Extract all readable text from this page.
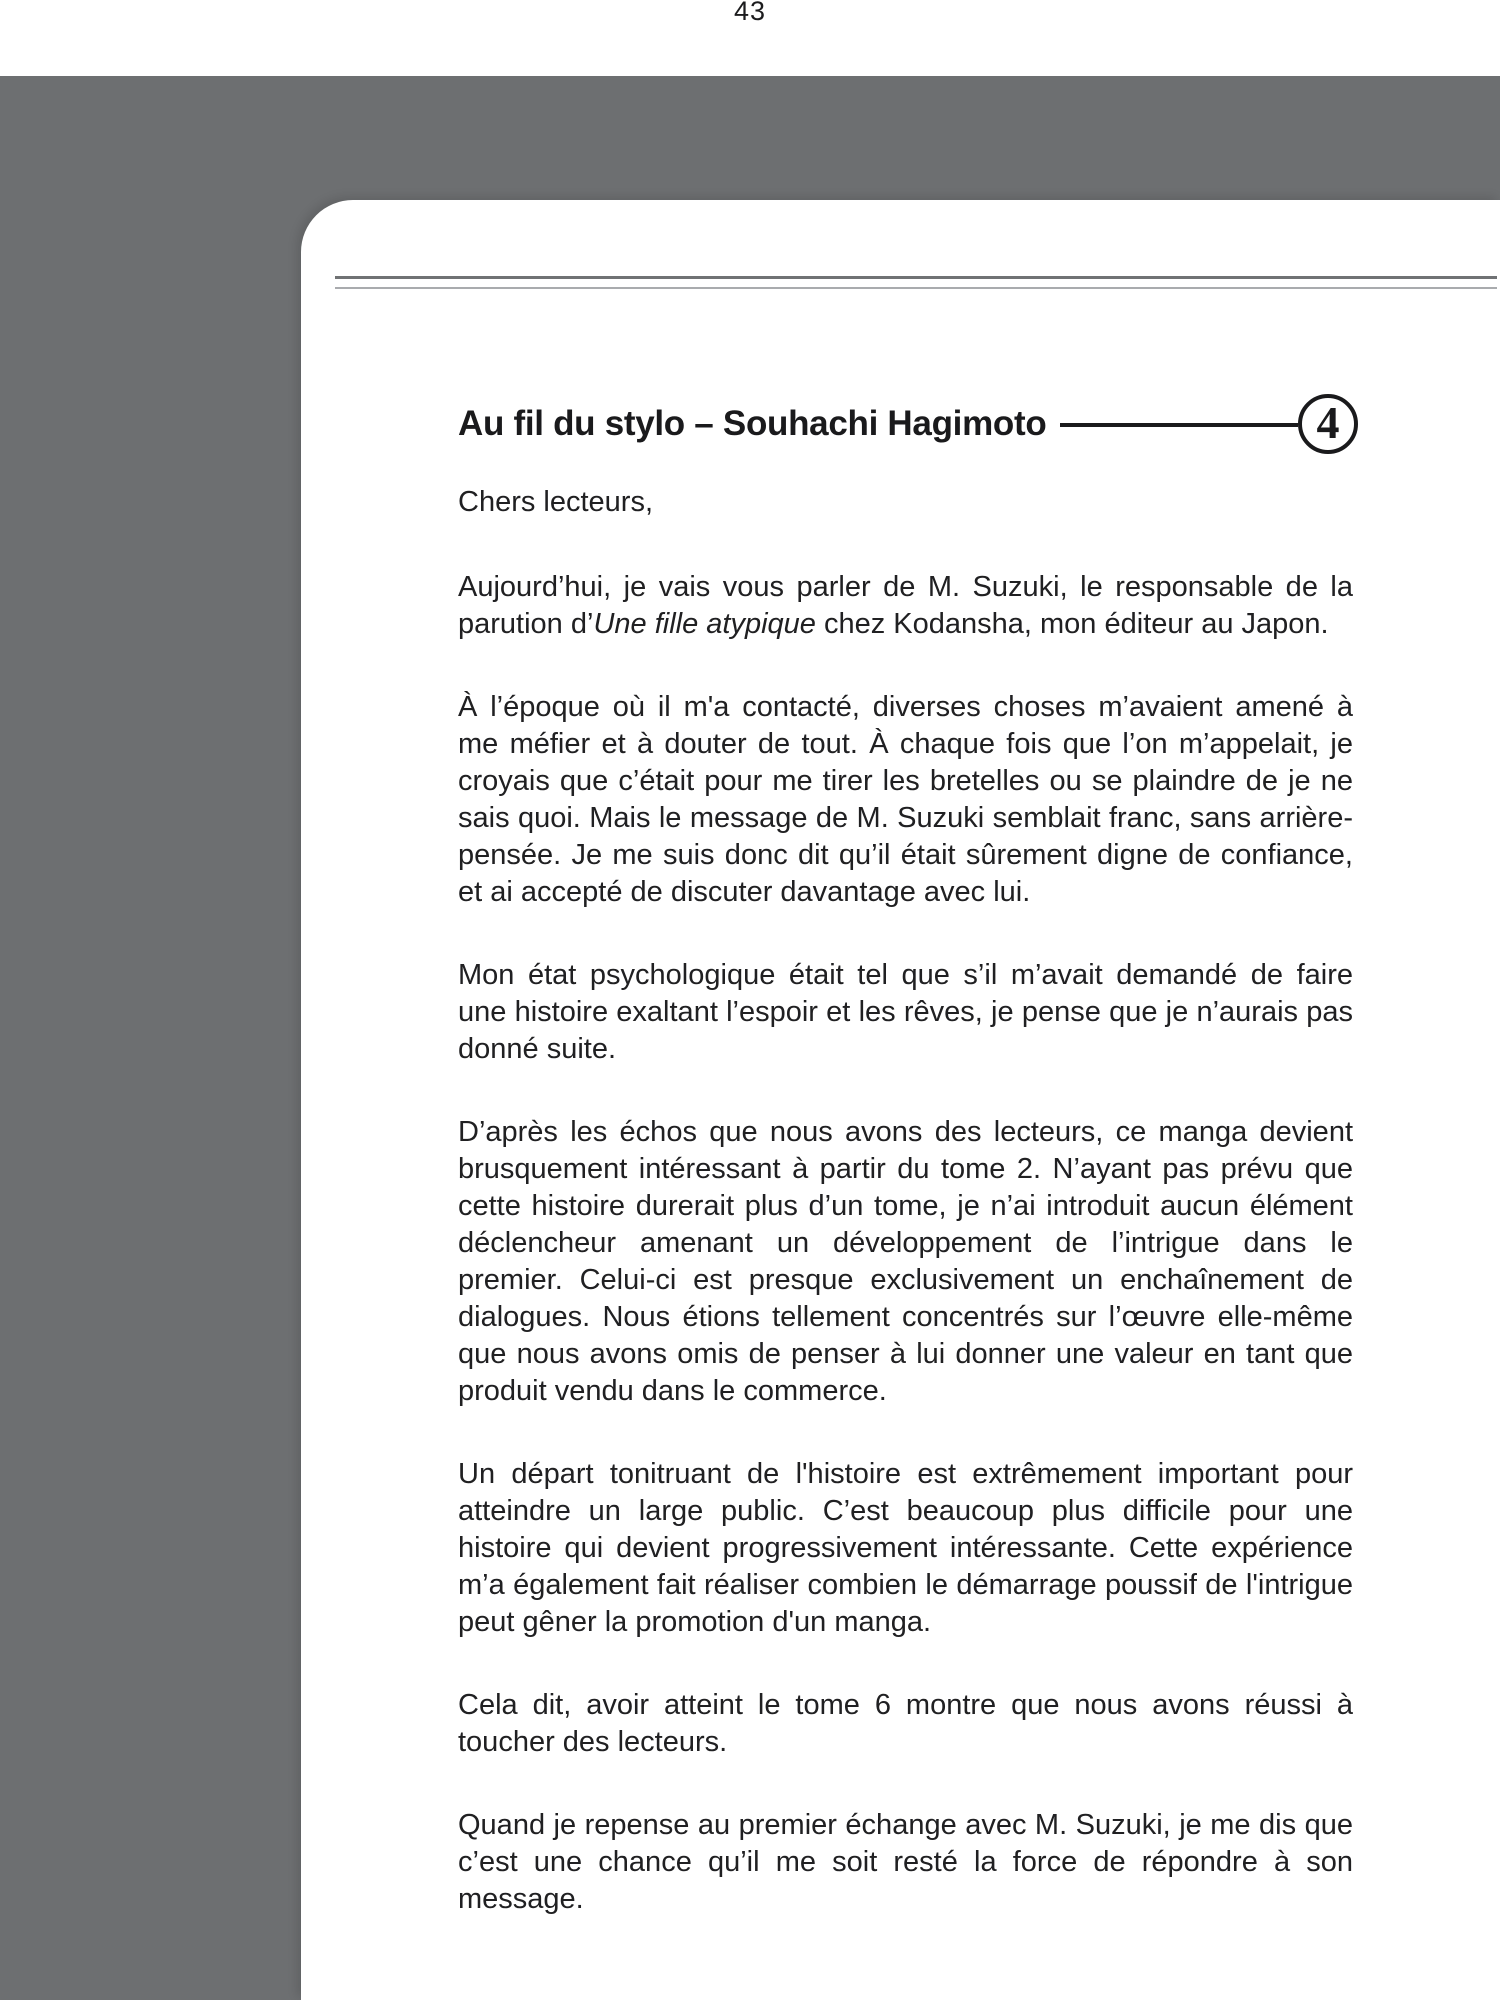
43
Au fil du stylo – Souhachi Hagimoto	4

Chers lecteurs,

Aujourd’hui, je vais vous parler de M. Suzuki, le responsable de la parution d’Une fille atypique chez Kodansha, mon éditeur au Japon.

À l’époque où il m'a contacté, diverses choses m’avaient amené à me méfier et à douter de tout. À chaque fois que l’on m’appelait, je croyais que c’était pour me tirer les bretelles ou se plaindre de je ne sais quoi. Mais le message de M. Suzuki semblait franc, sans arrière-pensée. Je me suis donc dit qu’il était sûrement digne de confiance, et ai accepté de discuter davantage avec lui.

Mon état psychologique était tel que s’il m’avait demandé de faire une histoire exaltant l’espoir et les rêves, je pense que je n’aurais pas donné suite.

D’après les échos que nous avons des lecteurs, ce manga devient brusquement intéressant à partir du tome 2. N’ayant pas prévu que cette histoire durerait plus d’un tome, je n’ai introduit aucun élément déclencheur amenant un développement de l’intrigue dans le premier. Celui-ci est presque exclusivement un enchaînement de dialogues. Nous étions tellement concentrés sur l’œuvre elle-même que nous avons omis de penser à lui donner une valeur en tant que produit vendu dans le commerce.

Un départ tonitruant de l'histoire est extrêmement important pour atteindre un large public. C’est beaucoup plus difficile pour une histoire qui devient progressivement intéressante. Cette expérience m’a également fait réaliser combien le démarrage poussif de l'intrigue peut gêner la promotion d'un manga.

Cela dit, avoir atteint le tome 6 montre que nous avons réussi à toucher des lecteurs.

Quand je repense au premier échange avec M. Suzuki, je me dis que c’est une chance qu’il me soit resté la force de répondre à son message.
